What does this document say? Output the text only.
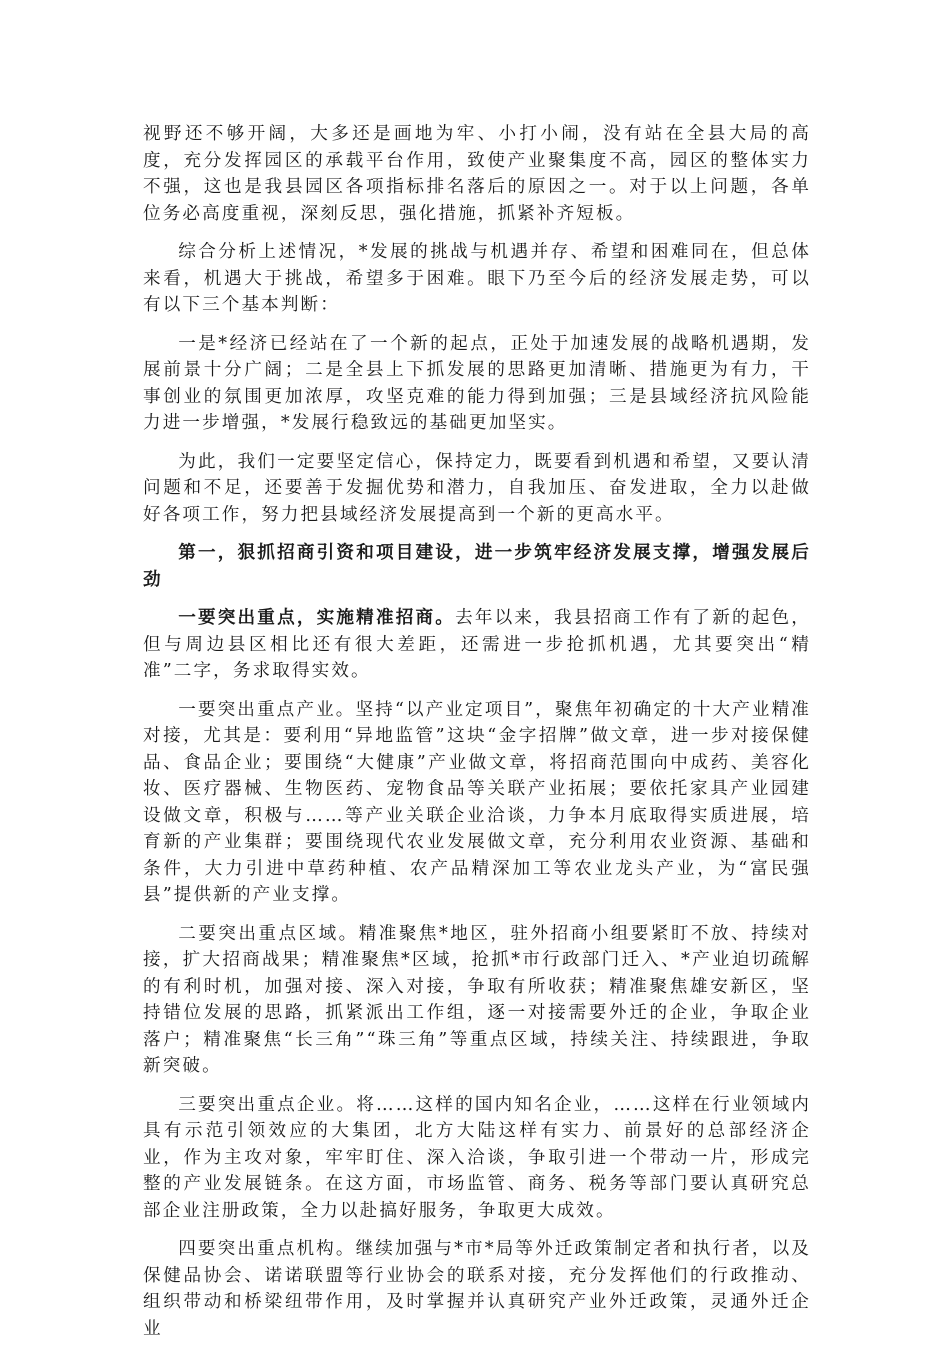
视野还不够开阔，大多还是画地为牢、小打小闹，没有站在全县大局的高度，充分发挥园区的承载平台作用，致使产业聚集度不高，园区的整体实力不强，这也是我县园区各项指标排名落后的原因之一。对于以上问题，各单位务必高度重视，深刻反思，强化措施，抓紧补齐短板。

综合分析上述情况，*发展的挑战与机遇并存、希望和困难同在，但总体来看，机遇大于挑战，希望多于困难。眼下乃至今后的经济发展走势，可以有以下三个基本判断：

一是*经济已经站在了一个新的起点，正处于加速发展的战略机遇期，发展前景十分广阔；二是全县上下抓发展的思路更加清晰、措施更为有力，干事创业的氛围更加浓厚，攻坚克难的能力得到加强；三是县域经济抗风险能力进一步增强，*发展行稳致远的基础更加坚实。

为此，我们一定要坚定信心，保持定力，既要看到机遇和希望，又要认清问题和不足，还要善于发掘优势和潜力，自我加压、奋发进取，全力以赴做好各项工作，努力把县域经济发展提高到一个新的更高水平。

第一，狠抓招商引资和项目建设，进一步筑牢经济发展支撑，增强发展后劲

一要突出重点，实施精准招商。去年以来，我县招商工作有了新的起色，但与周边县区相比还有很大差距，还需进一步抢抓机遇，尤其要突出“精准”二字，务求取得实效。

一要突出重点产业。坚持“以产业定项目”，聚焦年初确定的十大产业精准对接，尤其是：要利用“异地监管”这块“金字招牌”做文章，进一步对接保健品、食品企业；要围绕“大健康”产业做文章，将招商范围向中成药、美容化妆、医疗器械、生物医药、宠物食品等关联产业拓展；要依托家具产业园建设做文章，积极与……等产业关联企业洽谈，力争本月底取得实质进展，培育新的产业集群；要围绕现代农业发展做文章，充分利用农业资源、基础和条件，大力引进中草药种植、农产品精深加工等农业龙头产业，为“富民强县”提供新的产业支撑。

二要突出重点区域。精准聚焦*地区，驻外招商小组要紧盯不放、持续对接，扩大招商战果；精准聚焦*区域，抢抓*市行政部门迁入、*产业迫切疏解的有利时机，加强对接、深入对接，争取有所收获；精准聚焦雄安新区，坚持错位发展的思路，抓紧派出工作组，逐一对接需要外迁的企业，争取企业落户；精准聚焦“长三角”“珠三角”等重点区域，持续关注、持续跟进，争取新突破。

三要突出重点企业。将……这样的国内知名企业，……这样在行业领域内具有示范引领效应的大集团，北方大陆这样有实力、前景好的总部经济企业，作为主攻对象，牢牢盯住、深入洽谈，争取引进一个带动一片，形成完整的产业发展链条。在这方面，市场监管、商务、税务等部门要认真研究总部企业注册政策，全力以赴搞好服务，争取更大成效。

四要突出重点机构。继续加强与*市*局等外迁政策制定者和执行者，以及保健品协会、诺诺联盟等行业协会的联系对接，充分发挥他们的行政推动、组织带动和桥梁纽带作用，及时掌握并认真研究产业外迁政策，灵通外迁企业
